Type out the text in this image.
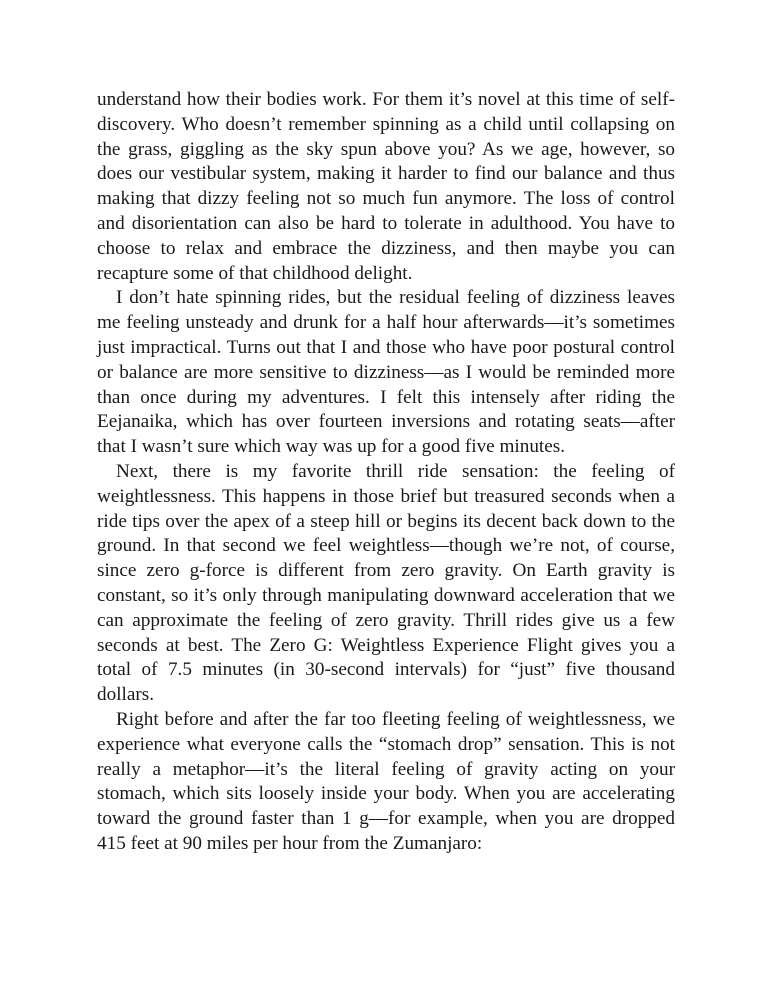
understand how their bodies work. For them it’s novel at this time of self-discovery. Who doesn’t remember spinning as a child until collapsing on the grass, giggling as the sky spun above you? As we age, however, so does our vestibular system, making it harder to find our balance and thus making that dizzy feeling not so much fun anymore. The loss of control and disorientation can also be hard to tolerate in adulthood. You have to choose to relax and embrace the dizziness, and then maybe you can recapture some of that childhood delight.

I don’t hate spinning rides, but the residual feeling of dizziness leaves me feeling unsteady and drunk for a half hour afterwards—it’s sometimes just impractical. Turns out that I and those who have poor postural control or balance are more sensitive to dizziness—as I would be reminded more than once during my adventures. I felt this intensely after riding the Eejanaika, which has over fourteen inversions and rotating seats—after that I wasn’t sure which way was up for a good five minutes.

Next, there is my favorite thrill ride sensation: the feeling of weightlessness. This happens in those brief but treasured seconds when a ride tips over the apex of a steep hill or begins its decent back down to the ground. In that second we feel weightless—though we’re not, of course, since zero g-force is different from zero gravity. On Earth gravity is constant, so it’s only through manipulating downward acceleration that we can approximate the feeling of zero gravity. Thrill rides give us a few seconds at best. The Zero G: Weightless Experience Flight gives you a total of 7.5 minutes (in 30-second intervals) for “just” five thousand dollars.

Right before and after the far too fleeting feeling of weightlessness, we experience what everyone calls the “stomach drop” sensation. This is not really a metaphor—it’s the literal feeling of gravity acting on your stomach, which sits loosely inside your body. When you are accelerating toward the ground faster than 1 g—for example, when you are dropped 415 feet at 90 miles per hour from the Zumanjaro:
